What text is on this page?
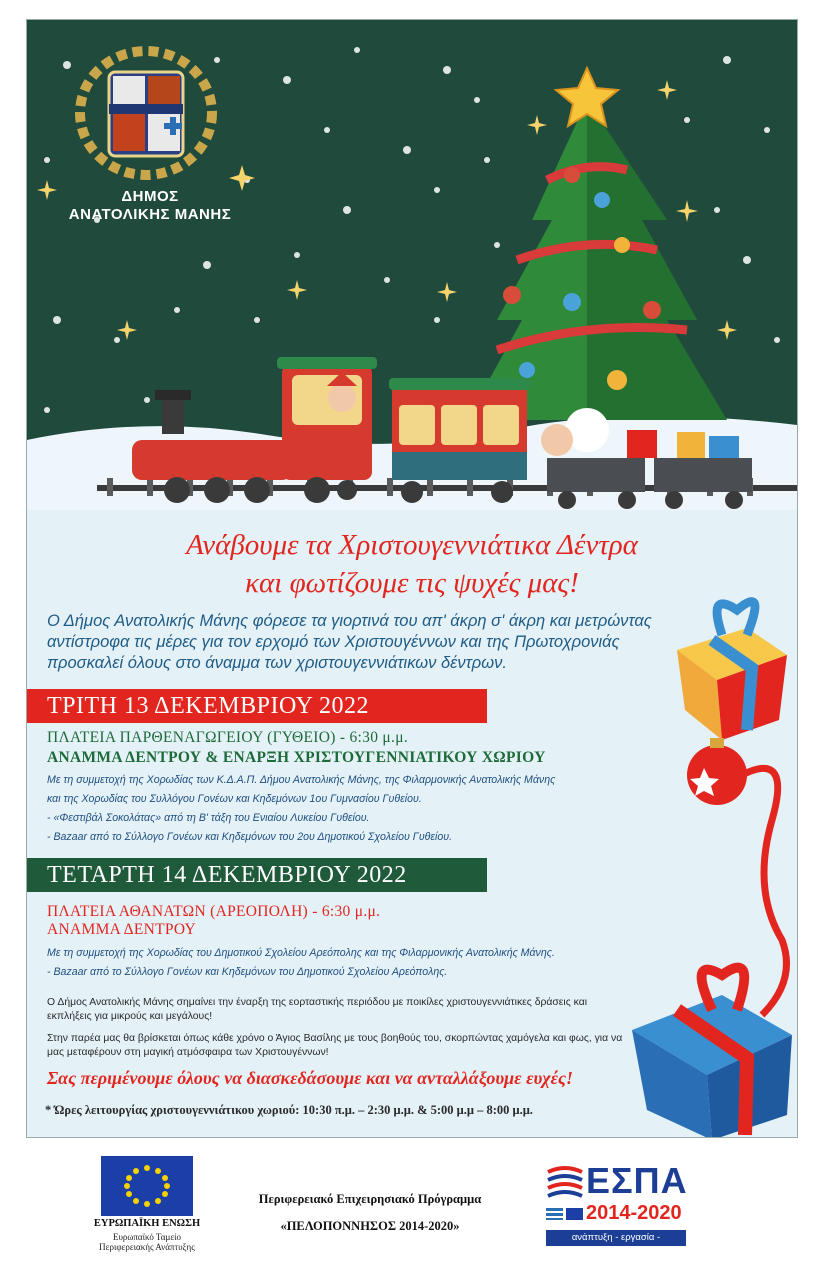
ΔΗΜΟΣ
ΑΝΑΤΟΛΙΚΗΣ ΜΑΝΗΣ
Ανάβουμε τα Χριστουγεννιάτικα Δέντρα
και φωτίζουμε τις ψυχές μας!
Ο Δήμος Ανατολικής Μάνης φόρεσε τα γιορτινά του απ' άκρη σ' άκρη και μετρώντας αντίστροφα τις μέρες για τον ερχομό των Χριστουγέννων και της Πρωτοχρονιάς προσκαλεί όλους στο άναμμα των χριστουγεννιάτικων δέντρων.
ΤΡΙΤΗ 13 ΔΕΚΕΜΒΡΙΟΥ 2022
ΠΛΑΤΕΙΑ ΠΑΡΘΕΝΑΓΩΓΕΙΟΥ (ΓΥΘΕΙΟ) - 6:30 μ.μ.
ΑΝΑΜΜΑ ΔΕΝΤΡΟΥ & ΕΝΑΡΞΗ ΧΡΙΣΤΟΥΓΕΝΝΙΑΤΙΚΟΥ ΧΩΡΙΟΥ
Με τη συμμετοχή της Χορωδίας των Κ.Δ.Α.Π. Δήμου Ανατολικής Μάνης, της Φιλαρμονικής Ανατολικής Μάνης
και της Χορωδίας του Συλλόγου Γονέων και Κηδεμόνων 1ου Γυμνασίου Γυθείου.
- «Φεστιβάλ Σοκολάτας» από τη Β' τάξη του Ενιαίου Λυκείου Γυθείου.
- Bazaar από το Σύλλογο Γονέων και Κηδεμόνων του 2ου Δημοτικού Σχολείου Γυθείου.
ΤΕΤΑΡΤΗ 14 ΔΕΚΕΜΒΡΙΟΥ 2022
ΠΛΑΤΕΙΑ ΑΘΑΝΑΤΩΝ (ΑΡΕΟΠΟΛΗ) - 6:30 μ.μ.
ΑΝΑΜΜΑ ΔΕΝΤΡΟΥ
Με τη συμμετοχή της Χορωδίας του Δημοτικού Σχολείου Αρεόπολης και της Φιλαρμονικής Ανατολικής Μάνης.
- Bazaar από το Σύλλογο Γονέων και Κηδεμόνων του Δημοτικού Σχολείου Αρεόπολης.
Ο Δήμος Ανατολικής Μάνης σημαίνει την έναρξη της εορταστικής περιόδου με ποικίλες χριστουγεννιάτικες δράσεις και εκπλήξεις για μικρούς και μεγάλους!
Στην παρέα μας θα βρίσκεται όπως κάθε χρόνο ο Άγιος Βασίλης με τους βοηθούς του, σκορπώντας χαμόγελα και φως, για να μας μεταφέρουν στη μαγική ατμόσφαιρα των Χριστουγέννων!
Σας περιμένουμε όλους να διασκεδάσουμε και να ανταλλάξουμε ευχές!
* Ώρες λειτουργίας χριστουγεννιάτικου χωριού: 10:30 π.μ. – 2:30 μ.μ. & 5:00 μ.μ – 8:00 μ.μ.
ΕΥΡΩΠΑΪΚΗ ΕΝΩΣΗ
Ευρωπαϊκό Ταμείο
Περιφερειακής Ανάπτυξης
Περιφερειακό Επιχειρησιακό Πρόγραμμα
«ΠΕΛΟΠΟΝΝΗΣΟΣ 2014-2020»
ΕΣΠΑ
2014-2020
ανάπτυξη - εργασία - αλληλεγγύη
